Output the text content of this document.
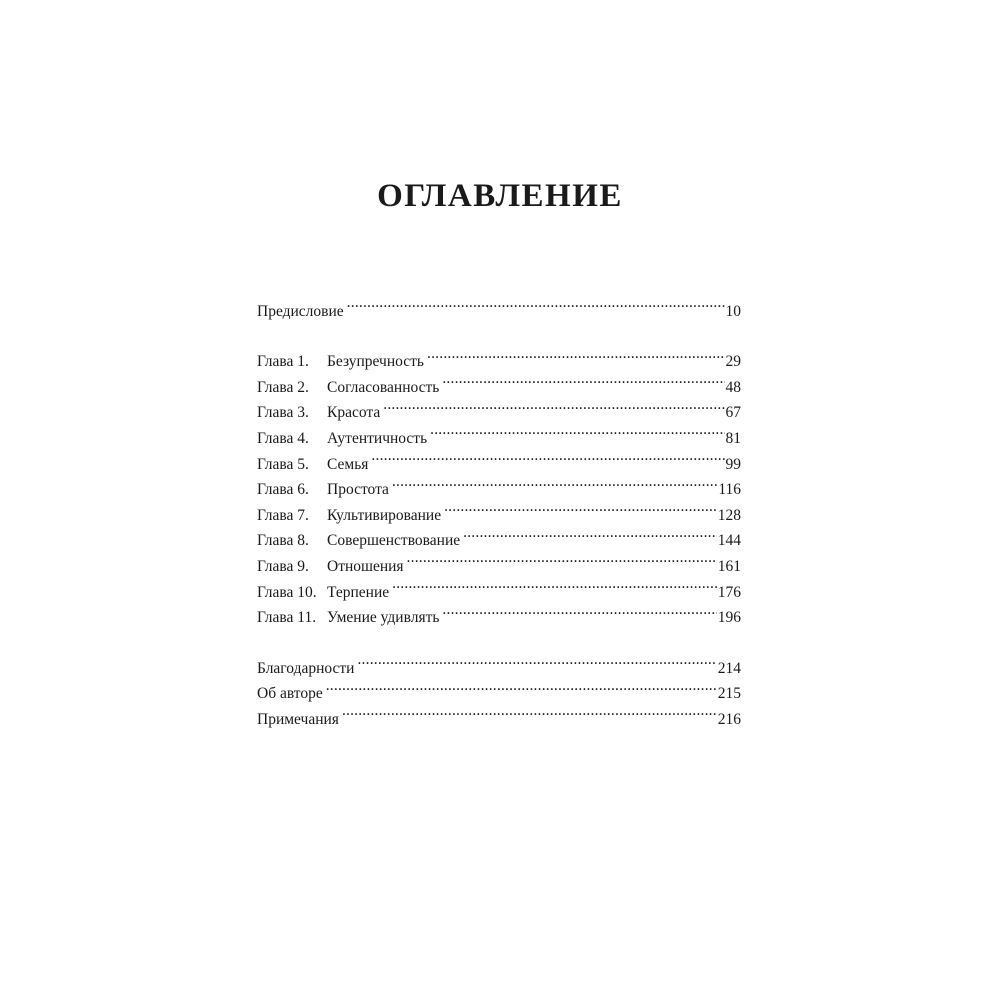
ОГЛАВЛЕНИЕ
Предисловие .....	10
Глава 1.	Безупречность .....	29
Глава 2.	Согласованность .....	48
Глава 3.	Красота .....	67
Глава 4.	Аутентичность .....	81
Глава 5.	Семья .....	99
Глава 6.	Простота .....	116
Глава 7.	Культивирование .....	128
Глава 8.	Совершенствование .....	144
Глава 9.	Отношения .....	161
Глава 10. Терпение .....	176
Глава 11. Умение удивлять .....	196
Благодарности .....	214
Об авторе .....	215
Примечания .....	216
